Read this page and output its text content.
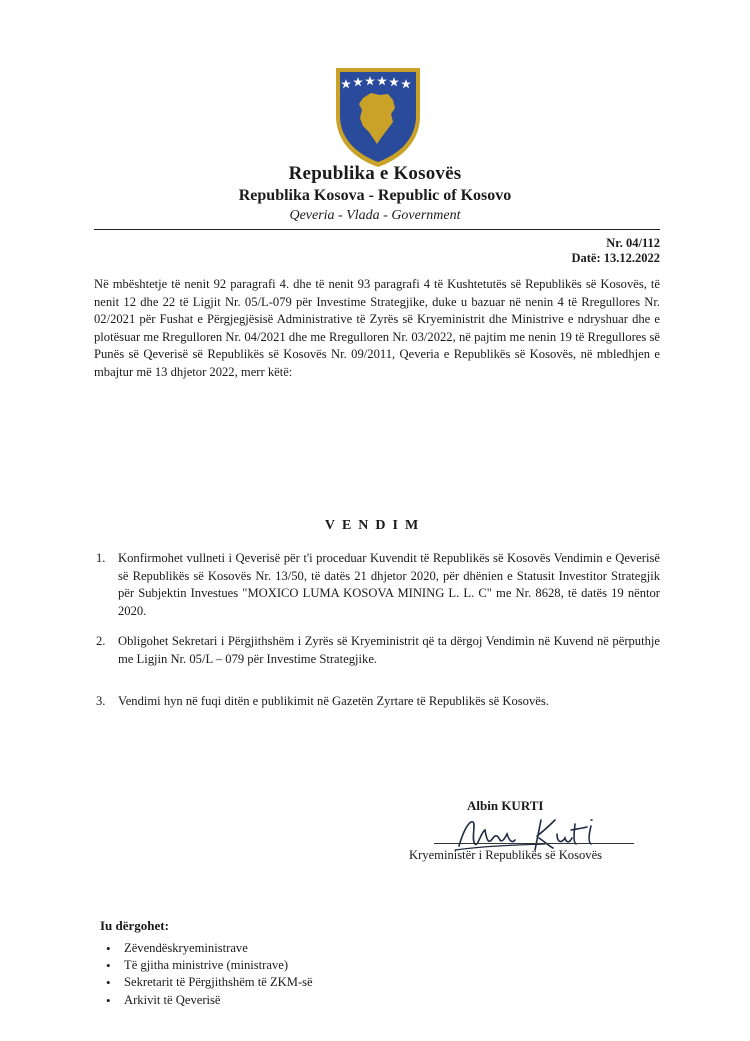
Republika e Kosovës
Republika Kosova - Republic of Kosovo
Qeveria - Vlada - Government
Nr. 04/112
Datë: 13.12.2022

Në mbështetje të nenit 92 paragrafi 4. dhe të nenit 93 paragrafi 4 të Kushtetutës së Republikës së Kosovës, të nenit 12 dhe 22 të Ligjit Nr. 05/L-079 për Investime Strategjike, duke u bazuar në nenin 4 të Rregullores Nr. 02/2021 për Fushat e Përgjegjësisë Administrative të Zyrës së Kryeministrit dhe Ministrive e ndryshuar dhe e plotësuar me Rregulloren Nr. 04/2021 dhe me Rregulloren Nr. 03/2022, në pajtim me nenin 19 të Rregullores së Punës së Qeverisë së Republikës së Kosovës Nr. 09/2011, Qeveria e Republikës së Kosovës, në mbledhjen e mbajtur më 13 dhjetor 2022, merr këtë:

VENDIM
1. Konfirmohet vullneti i Qeverisë për t'i proceduar Kuvendit të Republikës së Kosovës Vendimin e Qeverisë së Republikës së Kosovës Nr. 13/50, të datës 21 dhjetor 2020, për dhënien e Statusit Investitor Strategjik për Subjektin Investues "MOXICO LUMA KOSOVA MINING L. L. C" me Nr. 8628, të datës 19 nëntor 2020.
2. Obligohet Sekretari i Përgjithshëm i Zyrës së Kryeministrit që ta dërgoj Vendimin në Kuvend në përputhje me Ligjin Nr. 05/L – 079 për Investime Strategjike.
3. Vendimi hyn në fuqi ditën e publikimit në Gazetën Zyrtare të Republikës së Kosovës.
Albin KURTI
Kryeministër i Republikës së Kosovës
Iu dërgohet:
• Zëvendëskryeministrave
• Të gjitha ministrive (ministrave)
• Sekretarit të Përgjithshëm të ZKM-së
• Arkivit të Qeverisë
